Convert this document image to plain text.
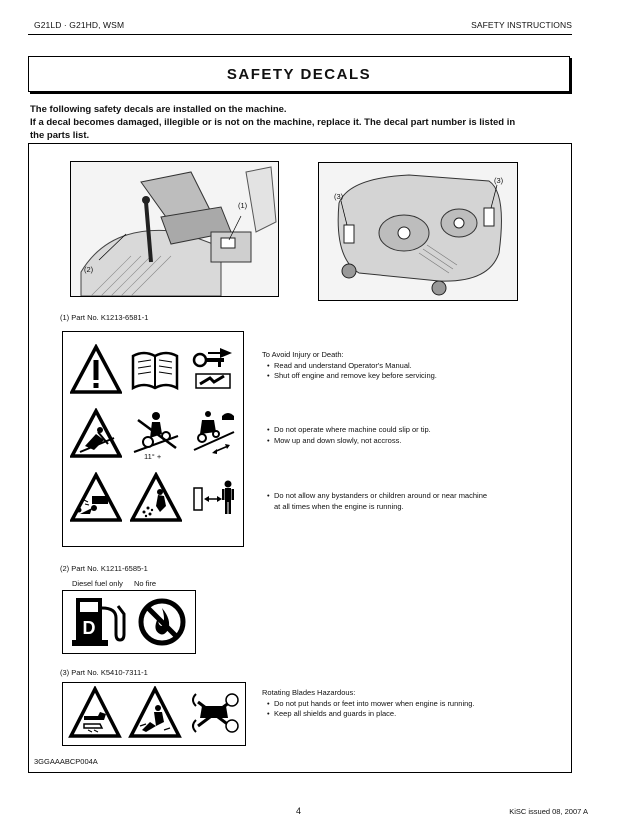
G21LD · G21HD, WSM	SAFETY INSTRUCTIONS
SAFETY DECALS
The following safety decals are installed on the machine.
If a decal becomes damaged, illegible or is not on the machine, replace it. The decal part number is listed in
the parts list.
(1)
(2)
(3)
(3)
(1) Part No. K1213-6581-1
11° +
To Avoid Injury or Death:
• Read and understand Operator's Manual.
• Shut off engine and remove key before servicing.
• Do not operate where machine could slip or tip.
• Mow up and down slowly, not accross.
• Do not allow any bystanders or children around or near machine at all times when the engine is running.
(2) Part No. K1211-6585-1
Diesel fuel only No fire
D
(3) Part No. K5410-7311-1
Rotating Blades Hazardous:
• Do not put hands or feet into mower when engine is running.
• Keep all shields and guards in place.
3GGAAABCP004A
4	KiSC issued 08, 2007 A
